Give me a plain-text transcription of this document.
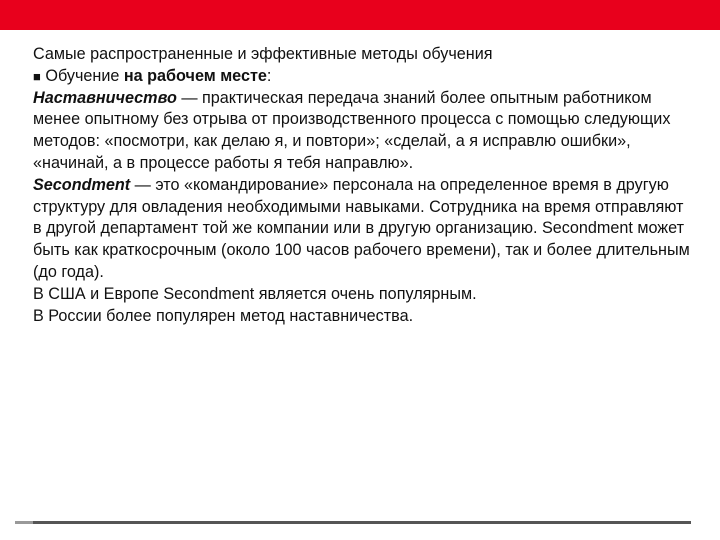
Самые распространенные и эффективные методы обучения

■ Обучение на рабочем месте:

Наставничество — практическая передача знаний более опытным работником менее опытному без отрыва от производственного процесса с помощью следующих методов: «посмотри, как делаю я, и повтори»; «сделай, а я исправлю ошибки», «начинай, а в процессе работы я тебя направлю».

Secondment — это «командирование» персонала на определенное время в другую структуру для овладения необходимыми навыками. Сотрудника на время отправляют в другой департамент той же компании или в другую организацию. Secondment может быть как краткосрочным (около 100 часов рабочего времени), так и более длительным (до года).

В США и Европе Secondment является очень популярным.

В России более популярен метод наставничества.
